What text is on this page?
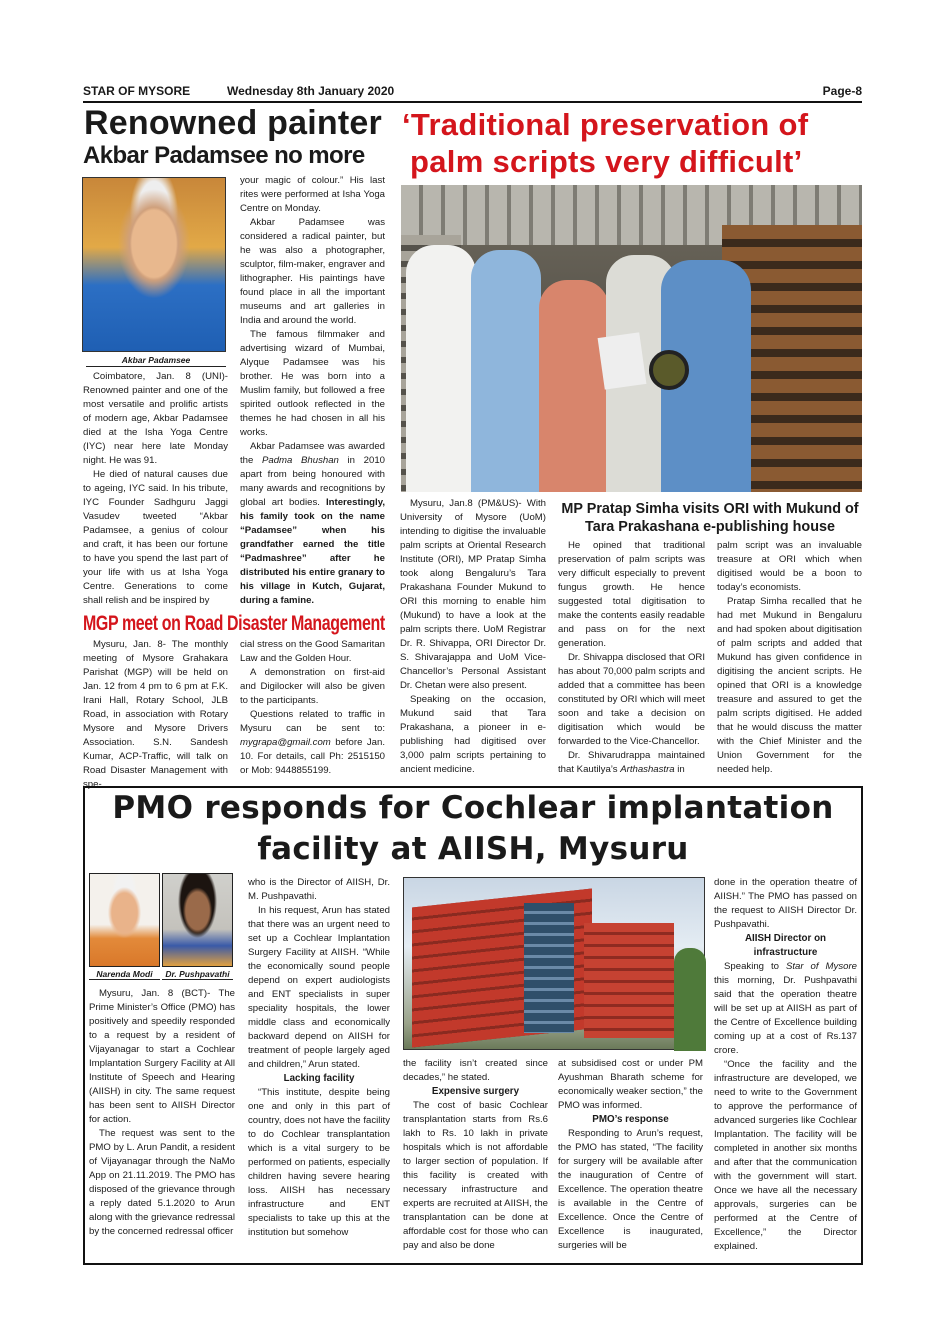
STAR OF MYSORE	Wednesday 8th January 2020	Page-8
Renowned painter
Akbar Padamsee no more
Akbar Padamsee

Coimbatore, Jan. 8 (UNI)- Renowned painter and one of the most versatile and prolific artists of modern age, Akbar Padamsee died at the Isha Yoga Centre (IYC) near here late Monday night. He was 91.

He died of natural causes due to ageing, IYC said. In his tribute, IYC Founder Sadhguru Jaggi Vasudev tweeted “Akbar Padamsee, a genius of colour and craft, it has been our fortune to have you spend the last part of your life with us at Isha Yoga Centre. Generations to come shall relish and be inspired by

your magic of colour.” His last rites were performed at Isha Yoga Centre on Monday.

Akbar Padamsee was considered a radical painter, but he was also a photographer, sculptor, film-maker, engraver and lithographer. His paintings have found place in all the important museums and art galleries in India and around the world.

The famous filmmaker and advertising wizard of Mumbai, Alyque Padamsee was his brother. He was born into a Muslim family, but followed a free spirited outlook reflected in the themes he had chosen in all his works.

Akbar Padamsee was awarded the Padma Bhushan in 2010 apart from being honoured with many awards and recognitions by global art bodies. Interestingly, his family took on the name “Padamsee” when his grandfather earned the title “Padmashree” after he distributed his entire granary to his village in Kutch, Gujarat, during a famine.

MGP meet on Road Disaster Management

Mysuru, Jan. 8- The monthly meeting of Mysore Grahakara Parishat (MGP) will be held on Jan. 12 from 4 pm to 6 pm at F.K. Irani Hall, Rotary School, JLB Road, in association with Rotary Mysore and Mysore Drivers Association. S.N. Sandesh Kumar, ACP-Traffic, will talk on Road Disaster Management with spe-

cial stress on the Good Samaritan Law and the Golden Hour.

A demonstration on first-aid and Digilocker will also be given to the participants.

Questions related to traffic in Mysuru can be sent to: mygrapa@gmail.com before Jan. 10. For details, call Ph: 2515150 or Mob: 9448855199.

‘Traditional preservation of
palm scripts very difficult’

Mysuru, Jan.8 (PM&US)- With University of Mysore (UoM) intending to digitise the invaluable palm scripts at Oriental Research Institute (ORI), MP Pratap Simha took along Bengaluru’s Tara Prakashana Founder Mukund to ORI this morning to enable him (Mukund) to have a look at the palm scripts there. UoM Registrar Dr. R. Shivappa, ORI Director Dr. S. Shivarajappa and UoM Vice-Chancellor’s Personal Assistant Dr. Chetan were also present.

Speaking on the occasion, Mukund said that Tara Prakashana, a pioneer in e-publishing had digitised over 3,000 palm scripts pertaining to ancient medicine.

MP Pratap Simha visits ORI with Mukund of Tara Prakashana e-publishing house

He opined that traditional preservation of palm scripts was very difficult especially to prevent fungus growth. He hence suggested total digitisation to make the contents easily readable and pass on for the next generation.

Dr. Shivappa disclosed that ORI has about 70,000 palm scripts and added that a committee has been constituted by ORI which will meet soon and take a decision on digitisation which would be forwarded to the Vice-Chancellor.

Dr. Shivarudrappa maintained that Kautilya’s Arthashastra in

palm script was an invaluable treasure at ORI which when digitised would be a boon to today’s economists.

Pratap Simha recalled that he had met Mukund in Bengaluru and had spoken about digitisation of palm scripts and added that Mukund has given confidence in digitising the ancient scripts. He opined that ORI is a knowledge treasure and assured to get the palm scripts digitised. He added that he would discuss the matter with the Chief Minister and the Union Government for the needed help.

PMO responds for Cochlear implantation
facility at AIISH, Mysuru
Narenda Modi	Dr. Pushpavathi

Mysuru, Jan. 8 (BCT)- The Prime Minister’s Office (PMO) has positively and speedily responded to a request by a resident of Vijayanagar to start a Cochlear Implantation Surgery Facility at All Institute of Speech and Hearing (AIISH) in city. The same request has been sent to AIISH Director for action.

The request was sent to the PMO by L. Arun Pandit, a resident of Vijayanagar through the NaMo App on 21.11.2019. The PMO has disposed of the grievance through a reply dated 5.1.2020 to Arun along with the grievance redressal by the concerned redressal officer

who is the Director of AIISH, Dr. M. Pushpavathi.

In his request, Arun has stated that there was an urgent need to set up a Cochlear Implantation Surgery Facility at AIISH. “While the economically sound people depend on expert audiologists and ENT specialists in super speciality hospitals, the lower middle class and economically backward depend on AIISH for treatment of people largely aged and children,” Arun stated.

Lacking facility

“This institute, despite being one and only in this part of country, does not have the facility to do Cochlear transplantation which is a vital surgery to be performed on patients, especially children having severe hearing loss. AIISH has necessary infrastructure and ENT specialists to take up this at the institution but somehow

the facility isn’t created since decades,” he stated.

Expensive surgery

The cost of basic Cochlear transplantation starts from Rs.6 lakh to Rs. 10 lakh in private hospitals which is not affordable to larger section of population. If this facility is created with necessary infrastructure and experts are recruited at AIISH, the transplantation can be done at affordable cost for those who can pay and also be done

at subsidised cost or under PM Ayushman Bharath scheme for economically weaker section,” the PMO was informed.

PMO’s response

Responding to Arun’s request, the PMO has stated, “The facility for surgery will be available after the inauguration of Centre of Excellence. The operation theatre is available in the Centre of Excellence. Once the Centre of Excellence is inaugurated, surgeries will be

done in the operation theatre of AIISH.” The PMO has passed on the request to AIISH Director Dr. Pushpavathi.

AIISH Director on infrastructure

Speaking to Star of Mysore this morning, Dr. Pushpavathi said that the operation theatre will be set up at AIISH as part of the Centre of Excellence building coming up at a cost of Rs.137 crore.

“Once the facility and the infrastructure are developed, we need to write to the Government to approve the performance of advanced surgeries like Cochlear Implantation. The facility will be completed in another six months and after that the communication with the government will start. Once we have all the necessary approvals, surgeries can be performed at the Centre of Excellence,” the Director explained.
